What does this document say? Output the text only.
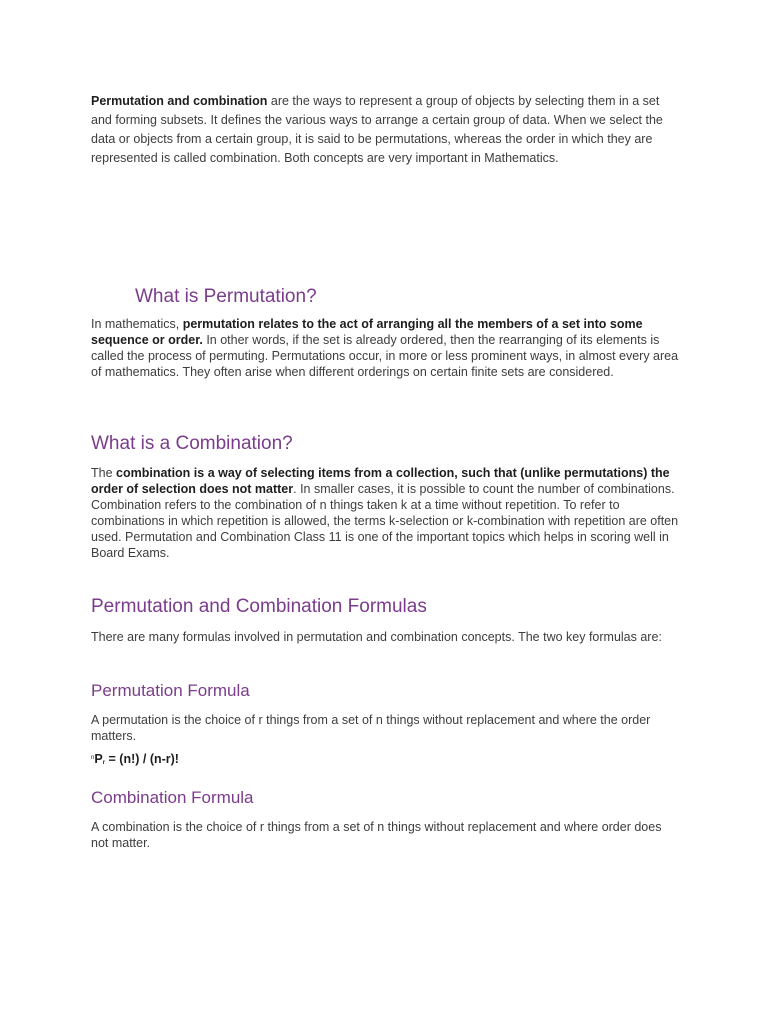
Permutation and combination are the ways to represent a group of objects by selecting them in a set and forming subsets. It defines the various ways to arrange a certain group of data. When we select the data or objects from a certain group, it is said to be permutations, whereas the order in which they are represented is called combination. Both concepts are very important in Mathematics.

What is Permutation?

In mathematics, permutation relates to the act of arranging all the members of a set into some sequence or order. In other words, if the set is already ordered, then the rearranging of its elements is called the process of permuting. Permutations occur, in more or less prominent ways, in almost every area of mathematics. They often arise when different orderings on certain finite sets are considered.

What is a Combination?

The combination is a way of selecting items from a collection, such that (unlike permutations) the order of selection does not matter. In smaller cases, it is possible to count the number of combinations. Combination refers to the combination of n things taken k at a time without repetition. To refer to combinations in which repetition is allowed, the terms k-selection or k-combination with repetition are often used. Permutation and Combination Class 11 is one of the important topics which helps in scoring well in Board Exams.

Permutation and Combination Formulas

There are many formulas involved in permutation and combination concepts. The two key formulas are:

Permutation Formula

A permutation is the choice of r things from a set of n things without replacement and where the order matters.

$^n$Pr = (n!) / (n-r)!
Combination Formula

A combination is the choice of r things from a set of n things without replacement and where order does not matter.
